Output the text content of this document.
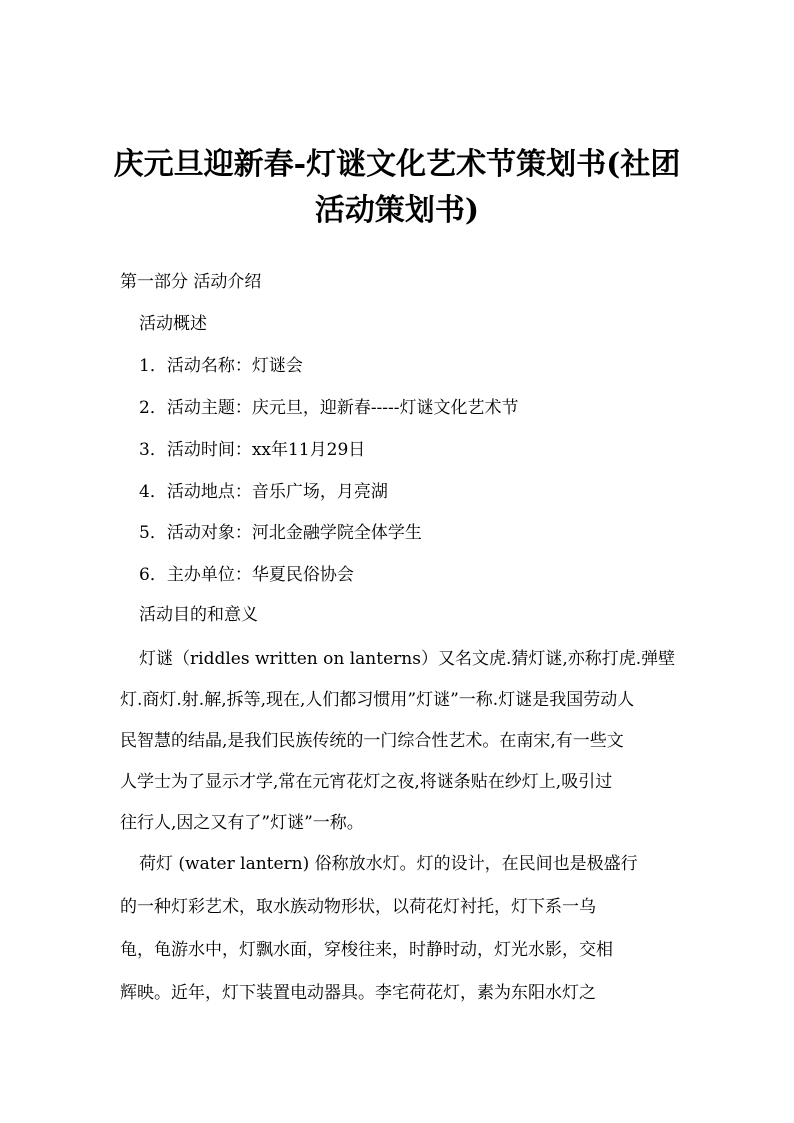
庆元旦迎新春-灯谜文化艺术节策划书(社团
活动策划书)

第一部分 活动介绍

活动概述

1．活动名称：灯谜会

2．活动主题：庆元旦，迎新春-----灯谜文化艺术节

3．活动时间：xx年11月29日

4．活动地点：音乐广场，月亮湖

5．活动对象：河北金融学院全体学生

6．主办单位：华夏民俗协会

活动目的和意义

灯谜（riddles written on lanterns）又名文虎.猜灯谜,亦称打虎.弹壁

灯.商灯.射.解,拆等,现在,人们都习惯用”灯谜”一称.灯谜是我国劳动人

民智慧的结晶,是我们民族传统的一门综合性艺术。在南宋,有一些文

人学士为了显示才学,常在元宵花灯之夜,将谜条贴在纱灯上,吸引过

往行人,因之又有了”灯谜”一称。

荷灯 (water lantern) 俗称放水灯。灯的设计，在民间也是极盛行

的一种灯彩艺术，取水族动物形状，以荷花灯衬托，灯下系一乌

龟，龟游水中，灯飘水面，穿梭往来，时静时动，灯光水影，交相

辉映。近年，灯下装置电动器具。李宅荷花灯，素为东阳水灯之
